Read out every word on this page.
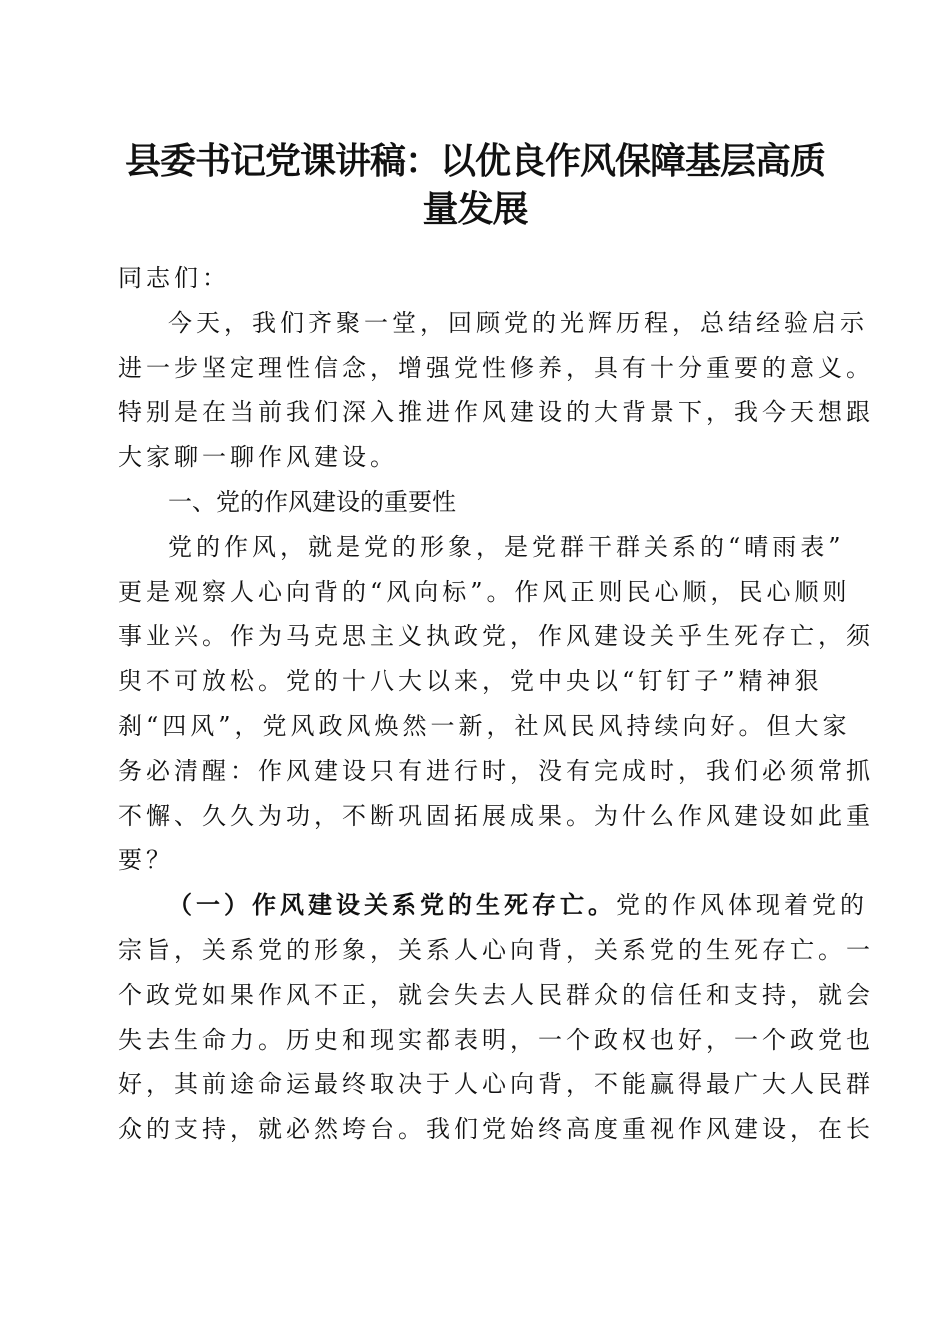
县委书记党课讲稿：以优良作风保障基层高质
量发展
同志们：
今天，我们齐聚一堂，回顾党的光辉历程，总结经验启示
进一步坚定理性信念，增强党性修养，具有十分重要的意义。
特别是在当前我们深入推进作风建设的大背景下，我今天想跟
大家聊一聊作风建设。
一、党的作风建设的重要性
党的作风，就是党的形象，是党群干群关系的“晴雨表”
更是观察人心向背的“风向标”。作风正则民心顺，民心顺则
事业兴。作为马克思主义执政党，作风建设关乎生死存亡，须
臾不可放松。党的十八大以来，党中央以“钉钉子”精神狠
刹“四风”，党风政风焕然一新，社风民风持续向好。但大家
务必清醒：作风建设只有进行时，没有完成时，我们必须常抓
不懈、久久为功，不断巩固拓展成果。为什么作风建设如此重
要？
（一）作风建设关系党的生死存亡。党的作风体现着党的
宗旨，关系党的形象，关系人心向背，关系党的生死存亡。一
个政党如果作风不正，就会失去人民群众的信任和支持，就会
失去生命力。历史和现实都表明，一个政权也好，一个政党也
好，其前途命运最终取决于人心向背，不能赢得最广大人民群
众的支持，就必然垮台。我们党始终高度重视作风建设，在长
